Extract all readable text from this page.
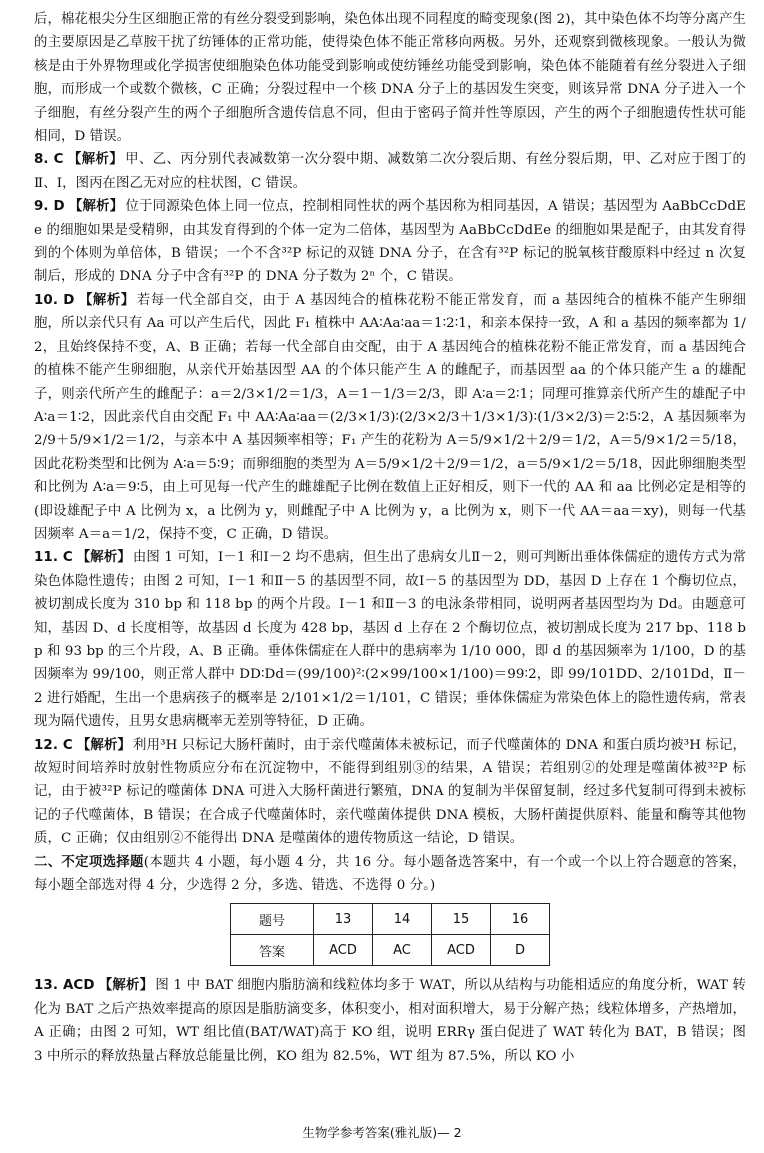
后，棉花根尖分生区细胞正常的有丝分裂受到影响，染色体出现不同程度的畸变现象(图 2)，其中染色体不均等分离产生的主要原因是乙草胺干扰了纺锤体的正常功能，使得染色体不能正常移向两极。另外，还观察到微核现象。一般认为微核是由于外界物理或化学损害使细胞染色体功能受到影响或使纺锤丝功能受到影响，染色体不能随着有丝分裂进入子细胞，而形成一个或数个微核，C 正确；分裂过程中一个核 DNA 分子上的基因发生突变，则该异常 DNA 分子进入一个子细胞，有丝分裂产生的两个子细胞所含遗传信息不同，但由于密码子简并性等原因，产生的两个子细胞遗传性状可能相同，D 错误。

8. C 【解析】 甲、乙、丙分别代表减数第一次分裂中期、减数第二次分裂后期、有丝分裂后期，甲、乙对应于图丁的Ⅱ、Ⅰ，图丙在图乙无对应的柱状图，C 错误。

9. D 【解析】 位于同源染色体上同一位点，控制相同性状的两个基因称为相同基因，A 错误；基因型为 AaBbCcDdEe 的细胞如果是受精卵，由其发育得到的个体一定为二倍体，基因型为 AaBbCcDdEe 的细胞如果是配子，由其发育得到的个体则为单倍体，B 错误；一个不含³²P 标记的双链 DNA 分子，在含有³²P 标记的脱氧核苷酸原料中经过 n 次复制后，形成的 DNA 分子中含有³²P 的 DNA 分子数为 2ⁿ 个，C 错误。

10. D 【解析】 若每一代全部自交，由于 A 基因纯合的植株花粉不能正常发育，而 a 基因纯合的植株不能产生卵细胞，所以亲代只有 Aa 可以产生后代，因此 F₁ 植株中 AA∶Aa∶aa＝1∶2∶1，和亲本保持一致，A 和 a 基因的频率都为 1/2，且始终保持不变，A、B 正确；若每一代全部自由交配，由于 A 基因纯合的植株花粉不能正常发育，而 a 基因纯合的植株不能产生卵细胞，从亲代开始基因型 AA 的个体只能产生 A 的雌配子，而基因型 aa 的个体只能产生 a 的雄配子，则亲代所产生的雌配子：a＝2/3×1/2＝1/3，A＝1－1/3＝2/3，即 A∶a＝2∶1；同理可推算亲代所产生的雄配子中 A∶a＝1∶2，因此亲代自由交配 F₁ 中 AA∶Aa∶aa＝(2/3×1/3)∶(2/3×2/3＋1/3×1/3)∶(1/3×2/3)＝2∶5∶2，A 基因频率为 2/9＋5/9×1/2＝1/2，与亲本中 A 基因频率相等；F₁ 产生的花粉为 A＝5/9×1/2＋2/9＝1/2，A＝5/9×1/2＝5/18，因此花粉类型和比例为 A∶a＝5∶9；而卵细胞的类型为 A＝5/9×1/2＋2/9＝1/2，a＝5/9×1/2＝5/18，因此卵细胞类型和比例为 A∶a＝9∶5，由上可见每一代产生的雌雄配子比例在数值上正好相反，则下一代的 AA 和 aa 比例必定是相等的(即设雄配子中 A 比例为 x，a 比例为 y，则雌配子中 A 比例为 y，a 比例为 x，则下一代 AA＝aa＝xy)，则每一代基因频率 A＝a＝1/2，保持不变，C 正确，D 错误。

11. C 【解析】 由图 1 可知，Ⅰ－1 和Ⅰ－2 均不患病，但生出了患病女儿Ⅱ－2，则可判断出垂体侏儒症的遗传方式为常染色体隐性遗传；由图 2 可知，Ⅰ－1 和Ⅱ－5 的基因型不同，故Ⅰ－5 的基因型为 DD，基因 D 上存在 1 个酶切位点，被切割成长度为 310 bp 和 118 bp 的两个片段。Ⅰ－1 和Ⅱ－3 的电泳条带相同，说明两者基因型均为 Dd。由题意可知，基因 D、d 长度相等，故基因 d 长度为 428 bp，基因 d 上存在 2 个酶切位点，被切割成长度为 217 bp、118 bp 和 93 bp 的三个片段，A、B 正确。垂体侏儒症在人群中的患病率为 1/10 000，即 d 的基因频率为 1/100，D 的基因频率为 99/100，则正常人群中 DD∶Dd＝(99/100)²∶(2×99/100×1/100)＝99∶2，即 99/101DD、2/101Dd，Ⅱ－2 进行婚配，生出一个患病孩子的概率是 2/101×1/2＝1/101，C 错误；垂体侏儒症为常染色体上的隐性遗传病，常表现为隔代遗传，且男女患病概率无差别等特征，D 正确。

12. C 【解析】 利用³H 只标记大肠杆菌时，由于亲代噬菌体未被标记，而子代噬菌体的 DNA 和蛋白质均被³H 标记，故短时间培养时放射性物质应分布在沉淀物中，不能得到组别③的结果，A 错误；若组别②的处理是噬菌体被³²P 标记，由于被³²P 标记的噬菌体 DNA 可进入大肠杆菌进行繁殖，DNA 的复制为半保留复制，经过多代复制可得到未被标记的子代噬菌体，B 错误；在合成子代噬菌体时，亲代噬菌体提供 DNA 模板，大肠杆菌提供原料、能量和酶等其他物质，C 正确；仅由组别②不能得出 DNA 是噬菌体的遗传物质这一结论，D 错误。

二、不定项选择题(本题共 4 小题，每小题 4 分，共 16 分。每小题备选答案中，有一个或一个以上符合题意的答案，每小题全部选对得 4 分，少选得 2 分，多选、错选、不选得 0 分。)

题号	13	14	15	16
答案	ACD	AC	ACD	D

13. ACD 【解析】 图 1 中 BAT 细胞内脂肪滴和线粒体均多于 WAT，所以从结构与功能相适应的角度分析，WAT 转化为 BAT 之后产热效率提高的原因是脂肪滴变多，体积变小，相对面积增大，易于分解产热；线粒体增多，产热增加，A 正确；由图 2 可知，WT 组比值(BAT/WAT)高于 KO 组，说明 ERRγ 蛋白促进了 WAT 转化为 BAT，B 错误；图 3 中所示的释放热量占释放总能量比例，KO 组为 82.5%，WT 组为 87.5%，所以 KO 小

生物学参考答案(雅礼版)— 2
